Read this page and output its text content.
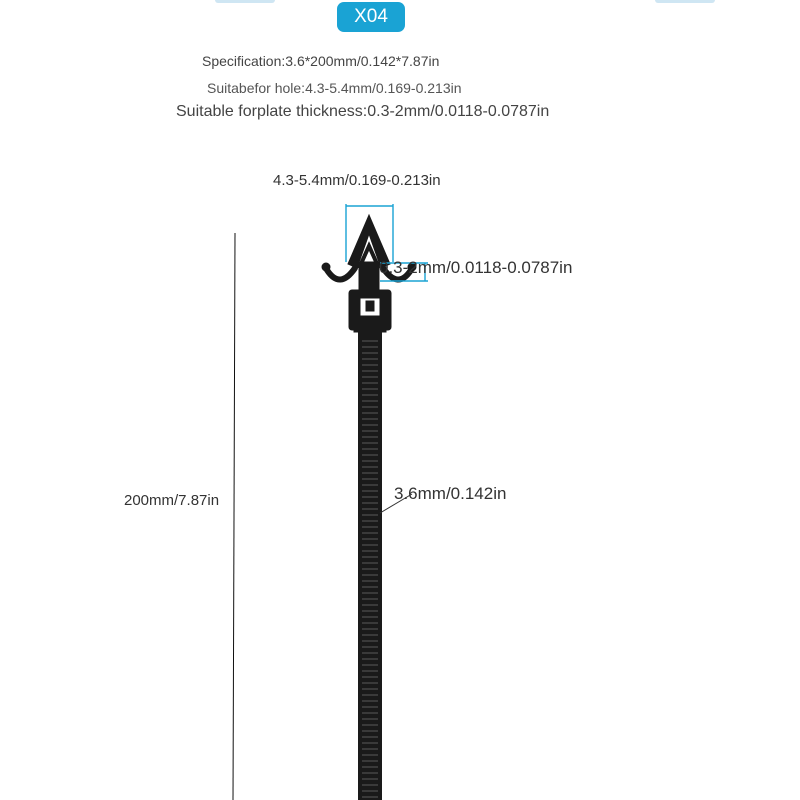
X04
Specification:3.6*200mm/0.142*7.87in
Suitabefor hole:4.3-5.4mm/0.169-0.213in
Suitable forplate thickness:0.3-2mm/0.0118-0.0787in
4.3-5.4mm/0.169-0.213in
0.3-2mm/0.0118-0.0787in
200mm/7.87in	3.6mm/0.142in
